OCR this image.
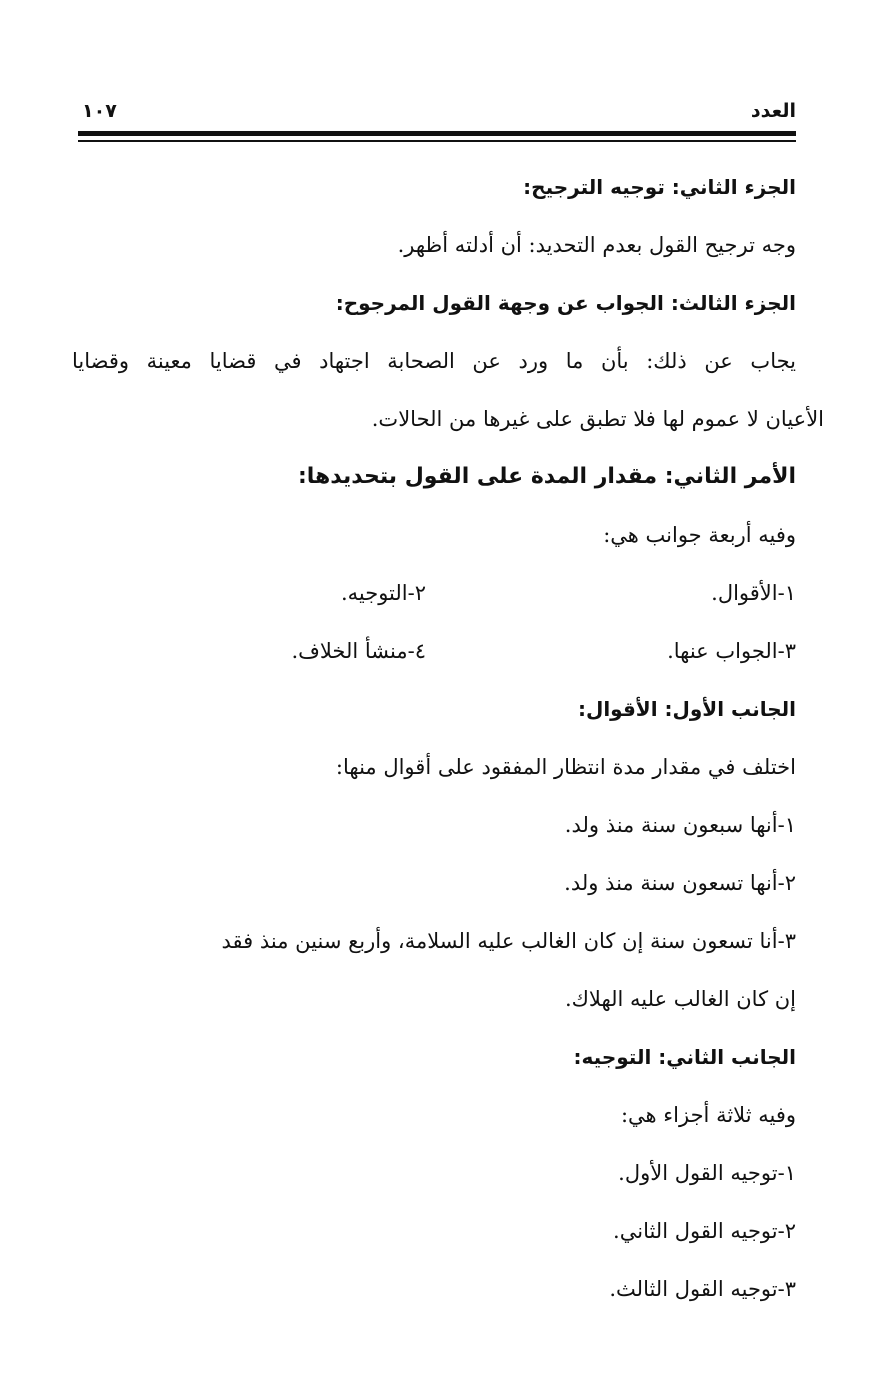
العدد
١٠٧
الجزء الثاني: توجيه الترجيح:
وجه ترجيح القول بعدم التحديد: أن أدلته أظهر.
الجزء الثالث: الجواب عن وجهة القول المرجوح:
يجاب عن ذلك: بأن ما ورد عن الصحابة اجتهاد في قضايا معينة وقضايا
الأعيان لا عموم لها فلا تطبق على غيرها من الحالات.
الأمر الثاني: مقدار المدة على القول بتحديدها:
وفيه أربعة جوانب هي:
١-الأقوال.
٢-التوجيه.
٣-الجواب عنها.
٤-منشأ الخلاف.
الجانب الأول: الأقوال:
اختلف في مقدار مدة انتظار المفقود على أقوال منها:
١-أنها سبعون سنة منذ ولد.
٢-أنها تسعون سنة منذ ولد.
٣-أنا تسعون سنة إن كان الغالب عليه السلامة، وأربع سنين منذ فقد
إن كان الغالب عليه الهلاك.
الجانب الثاني: التوجيه:
وفيه ثلاثة أجزاء هي:
١-توجيه القول الأول.
٢-توجيه القول الثاني.
٣-توجيه القول الثالث.
